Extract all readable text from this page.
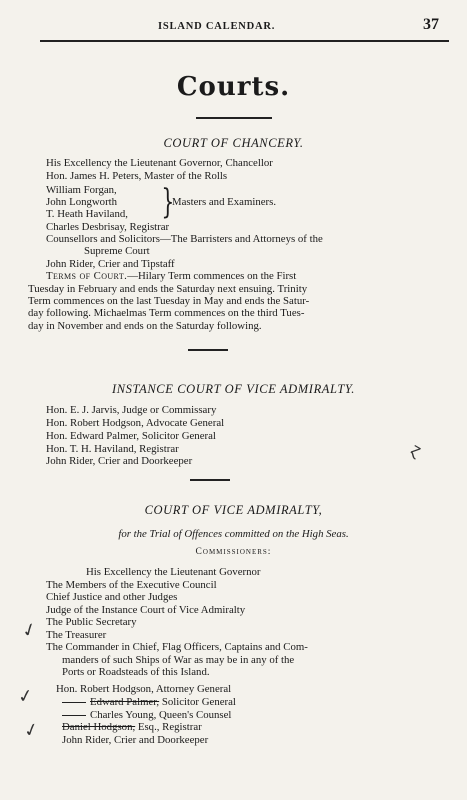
ISLAND CALENDAR.	37
Courts.
COURT OF CHANCERY.
His Excellency the Lieutenant Governor, Chancellor
Hon. James H. Peters, Master of the Rolls
William Forgan,
John Longworth
T. Heath Haviland, }
Masters and Examiners.
Charles Desbrisay, Registrar
Counsellors and Solicitors—The Barristers and Attorneys of the
Supreme Court
John Rider, Crier and Tipstaff
Terms of Court.—Hilary Term commences on the First
Tuesday in February and ends the Saturday next ensuing. Trinity
Term commences on the last Tuesday in May and ends the Satur-
day following. Michaelmas Term commences on the third Tues-
day in November and ends on the Saturday following.
INSTANCE COURT OF VICE ADMIRALTY.
Hon. E. J. Jarvis, Judge or Commissary
Hon. Robert Hodgson, Advocate General
Hon. Edward Palmer, Solicitor General
Hon. T. H. Haviland, Registrar
John Rider, Crier and Doorkeeper
COURT OF VICE ADMIRALTY,
for the Trial of Offences committed on the High Seas.
Commissioners:
His Excellency the Lieutenant Governor
The Members of the Executive Council
Chief Justice and other Judges
Judge of the Instance Court of Vice Admiralty
The Public Secretary
The Treasurer
The Commander in Chief, Flag Officers, Captains and Com-
manders of such Ships of War as may be in any of the
Ports or Roadsteads of this Island.
Hon. Robert Hodgson, Attorney General
Edward Palmer, Solicitor General
Charles Young, Queen's Counsel
Daniel Hodgson, Esq., Registrar
John Rider, Crier and Doorkeeper
✓
✓
✓
ɀ
